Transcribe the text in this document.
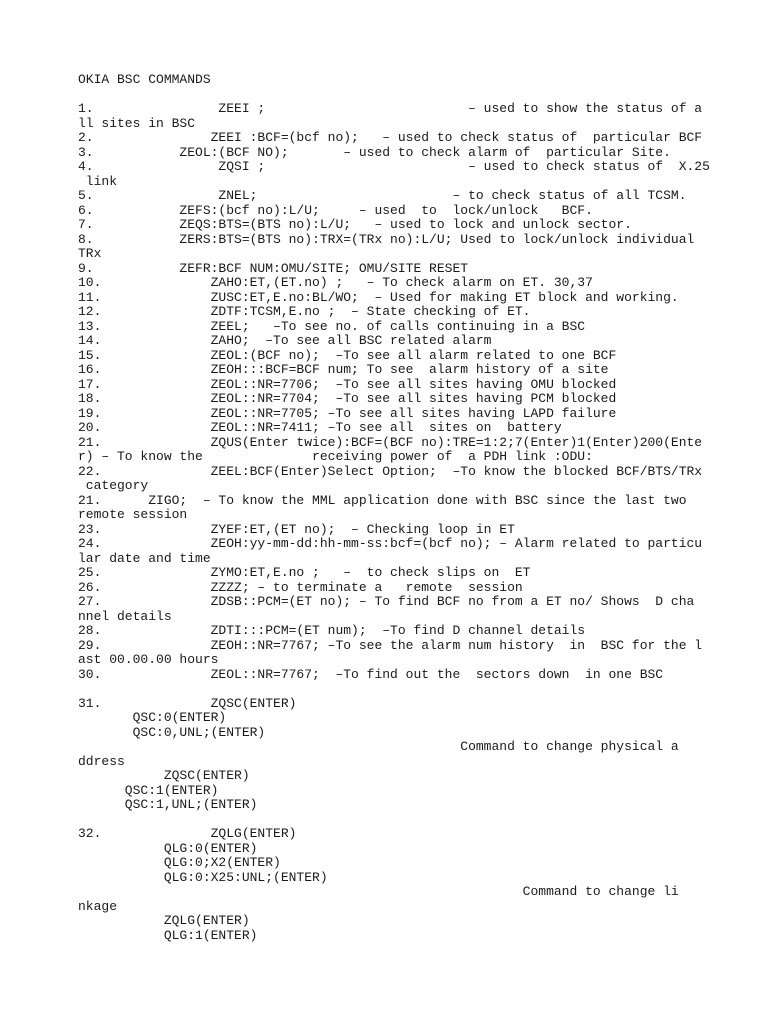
OKIA BSC COMMANDS
1.                ZEEI ;                          – used to show the status of a
ll sites in BSC
2.               ZEEI :BCF=(bcf no);   – used to check status of  particular BCF
3.           ZEOL:(BCF NO);       – used to check alarm of  particular Site.
4.                ZQSI ;                          – used to check status of  X.25
link
5.                ZNEL;                         – to check status of all TCSM.
6.           ZEFS:(bcf no):L/U;     – used  to  lock/unlock   BCF.
7.           ZEQS:BTS=(BTS no):L/U;   – used to lock and unlock sector.
8.           ZERS:BTS=(BTS no):TRX=(TRx no):L/U; Used to lock/unlock individual
TRx
9.           ZEFR:BCF NUM:OMU/SITE; OMU/SITE RESET
10.              ZAHO:ET,(ET.no) ;   – To check alarm on ET. 30,37
11.              ZUSC:ET,E.no:BL/WO;  – Used for making ET block and working.
12.              ZDTF:TCSM,E.no ;  – State checking of ET.
13.              ZEEL;   –To see no. of calls continuing in a BSC
14.              ZAHO;  –To see all BSC related alarm
15.              ZEOL:(BCF no);  –To see all alarm related to one BCF
16.              ZEOH:::BCF=BCF num; To see  alarm history of a site
17.              ZEOL::NR=7706;  –To see all sites having OMU blocked
18.              ZEOL::NR=7704;  –To see all sites having PCM blocked
19.              ZEOL::NR=7705; –To see all sites having LAPD failure
20.              ZEOL::NR=7411; –To see all  sites on  battery
21.              ZQUS(Enter twice):BCF=(BCF no):TRE=1:2;7(Enter)1(Enter)200(Ente
r) – To know the              receiving power of  a PDH link :ODU:
22.              ZEEL:BCF(Enter)Select Option;  –To know the blocked BCF/BTS/TRx
category
21.      ZIGO;  – To know the MML application done with BSC since the last two
remote session
23.              ZYEF:ET,(ET no);  – Checking loop in ET
24.              ZEOH:yy-mm-dd:hh-mm-ss:bcf=(bcf no); – Alarm related to particu
lar date and time
25.              ZYMO:ET,E.no ;   –  to check slips on  ET
26.              ZZZZ; – to terminate a   remote  session
27.              ZDSB::PCM=(ET no); – To find BCF no from a ET no/ Shows  D cha
nnel details
28.              ZDTI:::PCM=(ET num);  –To find D channel details
29.              ZEOH::NR=7767; –To see the alarm num history  in  BSC for the l
ast 00.00.00 hours
30.              ZEOL::NR=7767;  –To find out the  sectors down  in one BSC
31.              ZQSC(ENTER)
QSC:0(ENTER)
QSC:0,UNL;(ENTER)
Command to change physical a
ddress
ZQSC(ENTER)
QSC:1(ENTER)
QSC:1,UNL;(ENTER)
32.              ZQLG(ENTER)
QLG:0(ENTER)
QLG:0;X2(ENTER)
QLG:0:X25:UNL;(ENTER)
Command to change li
nkage
ZQLG(ENTER)
QLG:1(ENTER)
